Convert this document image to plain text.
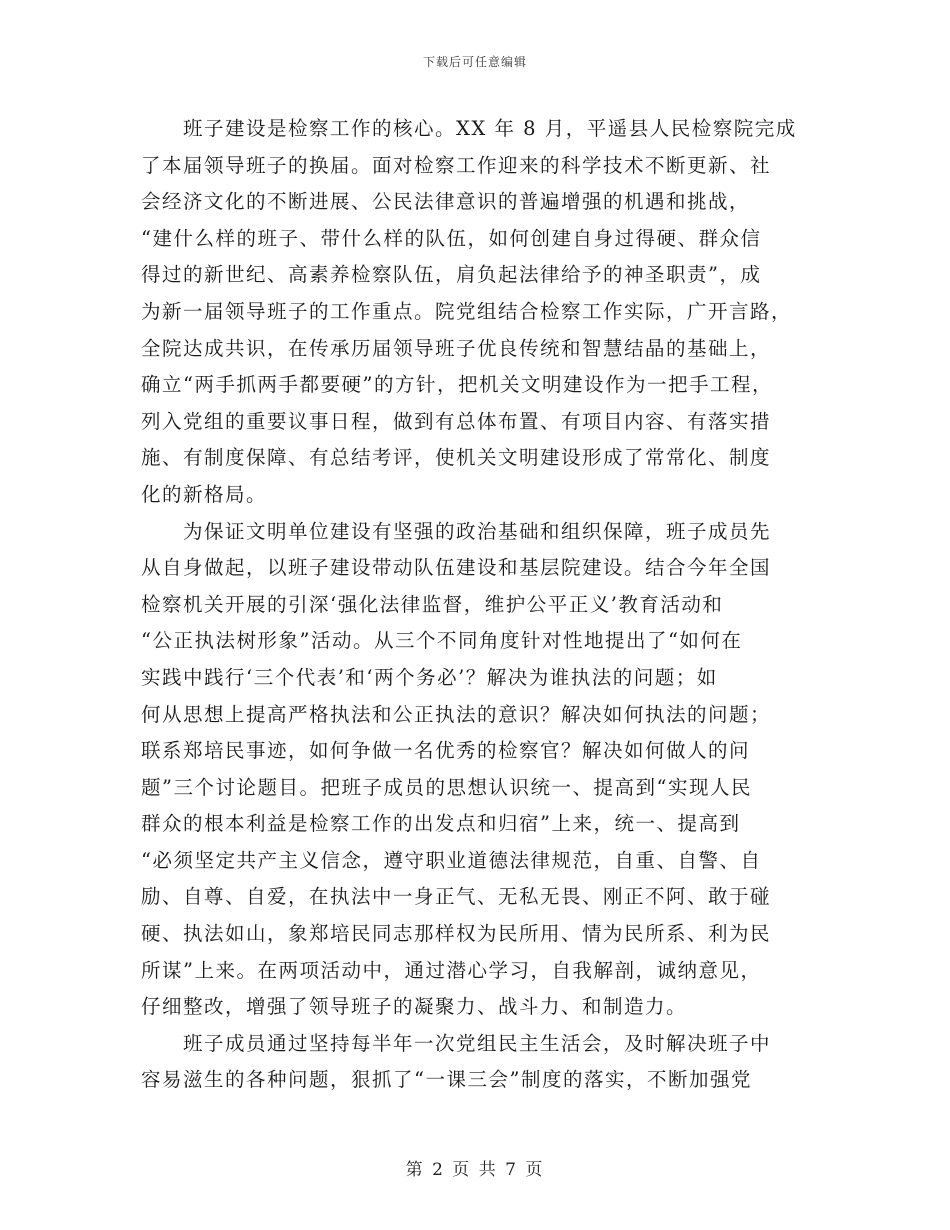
下载后可任意编辑
班子建设是检察工作的核心。XX 年 8 月，平遥县人民检察院完成
了本届领导班子的换届。面对检察工作迎来的科学技术不断更新、社
会经济文化的不断进展、公民法律意识的普遍增强的机遇和挑战，
“建什么样的班子、带什么样的队伍，如何创建自身过得硬、群众信
得过的新世纪、高素养检察队伍，肩负起法律给予的神圣职责”，成
为新一届领导班子的工作重点。院党组结合检察工作实际，广开言路，
全院达成共识，在传承历届领导班子优良传统和智慧结晶的基础上，
确立“两手抓两手都要硬”的方针，把机关文明建设作为一把手工程，
列入党组的重要议事日程，做到有总体布置、有项目内容、有落实措
施、有制度保障、有总结考评，使机关文明建设形成了常常化、制度
化的新格局。
为保证文明单位建设有坚强的政治基础和组织保障，班子成员先
从自身做起，以班子建设带动队伍建设和基层院建设。结合今年全国
检察机关开展的引深‘强化法律监督，维护公平正义’教育活动和
“公正执法树形象”活动。从三个不同角度针对性地提出了“如何在
实践中践行‘三个代表’和‘两个务必’？解决为谁执法的问题；如
何从思想上提高严格执法和公正执法的意识？解决如何执法的问题；
联系郑培民事迹，如何争做一名优秀的检察官？解决如何做人的问
题”三个讨论题目。把班子成员的思想认识统一、提高到“实现人民
群众的根本利益是检察工作的出发点和归宿”上来，统一、提高到
“必须坚定共产主义信念，遵守职业道德法律规范，自重、自警、自
励、自尊、自爱，在执法中一身正气、无私无畏、刚正不阿、敢于碰
硬、执法如山，象郑培民同志那样权为民所用、情为民所系、利为民
所谋”上来。在两项活动中，通过潜心学习，自我解剖，诚纳意见，
仔细整改，增强了领导班子的凝聚力、战斗力、和制造力。
班子成员通过坚持每半年一次党组民主生活会，及时解决班子中
容易滋生的各种问题，狠抓了“一课三会”制度的落实，不断加强党
第 2 页 共 7 页
